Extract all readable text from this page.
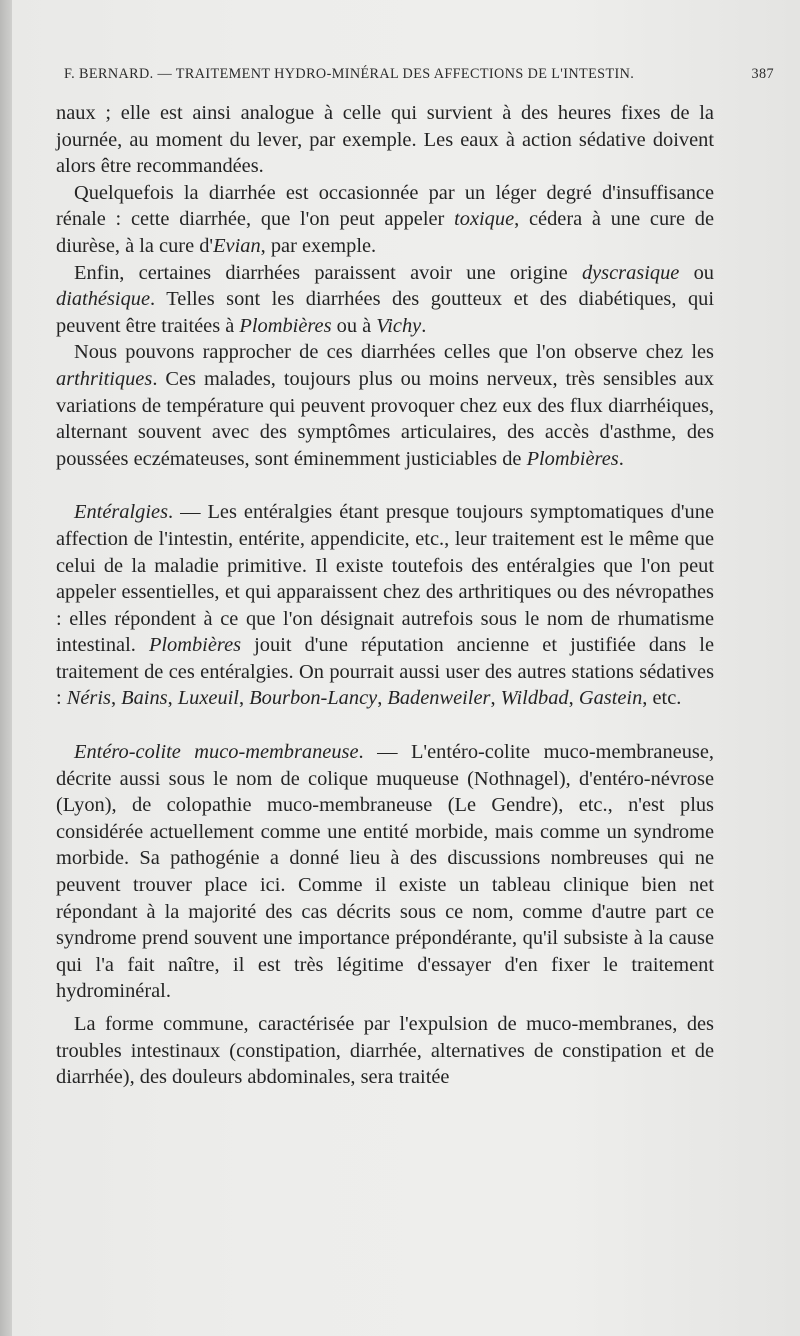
F. BERNARD. — TRAITEMENT HYDRO-MINÉRAL DES AFFECTIONS DE L'INTESTIN.	387

naux ; elle est ainsi analogue à celle qui survient à des heures fixes de la journée, au moment du lever, par exemple. Les eaux à action sédative doivent alors être recommandées.

Quelquefois la diarrhée est occasionnée par un léger degré d'insuffisance rénale : cette diarrhée, que l'on peut appeler toxique, cédera à une cure de diurèse, à la cure d'Evian, par exemple.

Enfin, certaines diarrhées paraissent avoir une origine dyscrasique ou diathésique. Telles sont les diarrhées des goutteux et des diabétiques, qui peuvent être traitées à Plombières ou à Vichy.

Nous pouvons rapprocher de ces diarrhées celles que l'on observe chez les arthritiques. Ces malades, toujours plus ou moins nerveux, très sensibles aux variations de température qui peuvent provoquer chez eux des flux diarrhéiques, alternant souvent avec des symptômes articulaires, des accès d'asthme, des poussées eczémateuses, sont éminemment justiciables de Plombières.

Entéralgies. — Les entéralgies étant presque toujours symptomatiques d'une affection de l'intestin, entérite, appendicite, etc., leur traitement est le même que celui de la maladie primitive. Il existe toutefois des entéralgies que l'on peut appeler essentielles, et qui apparaissent chez des arthritiques ou des névropathes : elles répondent à ce que l'on désignait autrefois sous le nom de rhumatisme intestinal. Plombières jouit d'une réputation ancienne et justifiée dans le traitement de ces entéralgies. On pourrait aussi user des autres stations sédatives : Néris, Bains, Luxeuil, Bourbon-Lancy, Badenweiler, Wildbad, Gastein, etc.

Entéro-colite muco-membraneuse. — L'entéro-colite muco-membraneuse, décrite aussi sous le nom de colique muqueuse (Nothnagel), d'entéro-névrose (Lyon), de colopathie muco-membraneuse (Le Gendre), etc., n'est plus considérée actuellement comme une entité morbide, mais comme un syndrome morbide. Sa pathogénie a donné lieu à des discussions nombreuses qui ne peuvent trouver place ici. Comme il existe un tableau clinique bien net répondant à la majorité des cas décrits sous ce nom, comme d'autre part ce syndrome prend souvent une importance prépondérante, qu'il subsiste à la cause qui l'a fait naître, il est très légitime d'essayer d'en fixer le traitement hydrominéral.

La forme commune, caractérisée par l'expulsion de muco-membranes, des troubles intestinaux (constipation, diarrhée, alternatives de constipation et de diarrhée), des douleurs abdominales, sera traitée
